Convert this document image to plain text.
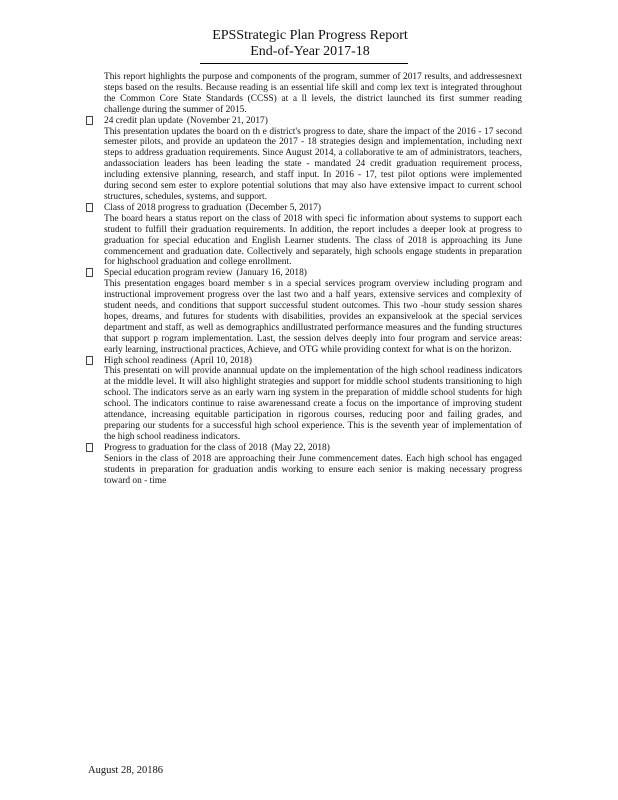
EPSStrategic Plan Progress Report
End-of-Year 2017-18

This report highlights the purpose and components of the program, summer of 2017 results, and addressesnext steps based on the results. Because reading is an essential life skill and comp lex text is integrated throughout the Common Core State Standards (CCSS) at a ll levels, the district launched its first summer reading challenge during the summer of 2015.

24 credit plan update (November 21, 2017)

This presentation updates the board on th e district's progress to date, share the impact of the 2016 - 17 second semester pilots, and provide an updateon the 2017 - 18 strategies design and implementation, including next steps to address graduation requirements. Since August 2014, a collaborative te am of administrators, teachers, andassociation leaders has been leading the state - mandated 24 credit graduation requirement process, including extensive planning, research, and staff input. In 2016 - 17, test pilot options were implemented during second sem ester to explore potential solutions that may also have extensive impact to current school structures, schedules, systems, and support.

Class of 2018 progress to graduation (December 5, 2017)

The board hears a status report on the class of 2018 with speci fic information about systems to support each student to fulfill their graduation requirements. In addition, the report includes a deeper look at progress to graduation for special education and English Learner students. The class of 2018 is approaching its June commencement and graduation date. Collectively and separately, high schools engage students in preparation for highschool graduation and college enrollment.

Special education program review (January 16, 2018)

This presentation engages board member s in a special services program overview including program and instructional improvement progress over the last two and a half years, extensive services and complexity of student needs, and conditions that support successful student outcomes. This two -hour study session shares hopes, dreams, and futures for students with disabilities, provides an expansivelook at the special services department and staff, as well as demographics andillustrated performance measures and the funding structures that support p rogram implementation. Last, the session delves deeply into four program and service areas: early learning, instructional practices, Achieve, and OTG while providing context for what is on the horizon.

High school readiness (April 10, 2018)

This presentati on will provide anannual update on the implementation of the high school readiness indicators at the middle level. It will also highlight strategies and support for middle school students transitioning to high school. The indicators serve as an early warn ing system in the preparation of middle school students for high school. The indicators continue to raise awarenessand create a focus on the importance of improving student attendance, increasing equitable participation in rigorous courses, reducing poor and failing grades, and preparing our students for a successful high school experience. This is the seventh year of implementation of the high school readiness indicators.

Progress to graduation for the class of 2018 (May 22, 2018)

Seniors in the class of 2018 are approaching their June commencement dates. Each high school has engaged students in preparation for graduation andis working to ensure each senior is making necessary progress toward on - time

August 28, 20186
